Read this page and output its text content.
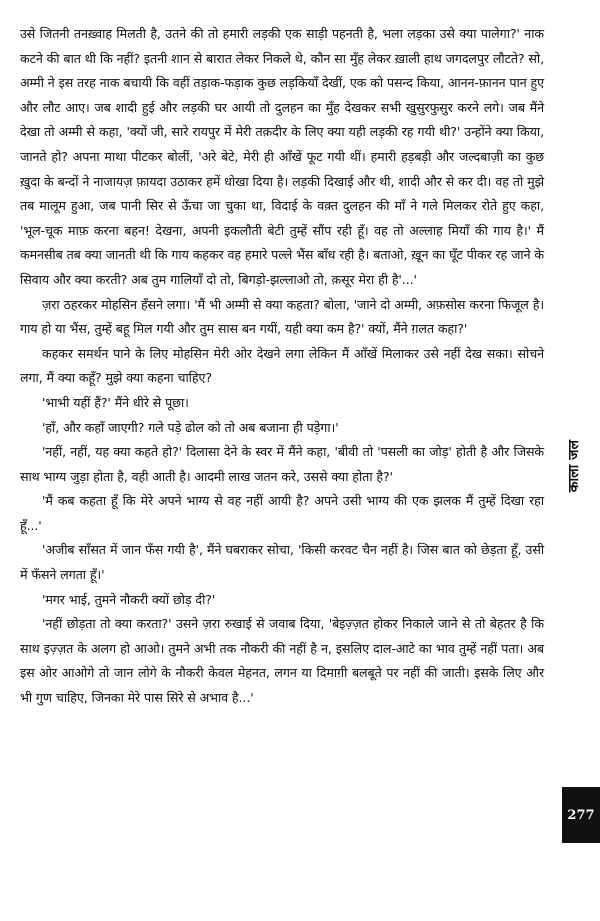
उसे जितनी तनख़्वाह मिलती है, उतने की तो हमारी लड़की एक साड़ी पहनती है, भला लड़का उसे क्या पालेगा?' नाक कटने की बात थी कि नहीं? इतनी शान से बारात लेकर निकले थे, कौन सा मुँह लेकर ख़ाली हाथ जगदलपुर लौटते? सो, अम्मी ने इस तरह नाक बचायी कि वहीं तड़ाक-फड़ाक कुछ लड़कियाँ देखीं, एक को पसन्द किया, आनन-फ़ानन पान हुए और लौट आए। जब शादी हुई और लड़की घर आयी तो दुलहन का मुँह देखकर सभी खुसुरफुसुर करने लगे। जब मैंने देखा तो अम्मी से कहा, 'क्यों जी, सारे रायपुर में मेरी तक़दीर के लिए क्या यही लड़की रह गयी थी?' उन्होंने क्या किया, जानते हो? अपना माथा पीटकर बोलीं, 'अरे बेटे, मेरी ही आँखें फूट गयी थीं। हमारी हड़बड़ी और जल्दबाज़ी का कुछ ख़ुदा के बन्दों ने नाजायज़ फ़ायदा उठाकर हमें धोखा दिया है। लड़की दिखाई और थी, शादी और से कर दी। वह तो मुझे तब मालूम हुआ, जब पानी सिर से ऊँचा जा चुका था, विदाई के वक़्त दुलहन की माँ ने गले मिलकर रोते हुए कहा, 'भूल-चूक माफ़ करना बहन! देखना, अपनी इकलौती बेटी तुम्हें सौंप रही हूँ। वह तो अल्लाह मियाँ की गाय है।' मैं कमनसीब तब क्या जानती थी कि गाय कहकर वह हमारे पल्ले भैंस बाँध रही है। बताओ, ख़ून का घूँट पीकर रह जाने के सिवाय और क्या करती? अब तुम गालियाँ दो तो, बिगड़ो-झल्लाओ तो, क़सूर मेरा ही है'...'

ज़रा ठहरकर मोहसिन हँसने लगा। 'मैं भी अम्मी से क्या कहता? बोला, 'जाने दो अम्मी, अफ़सोस करना फिजूल है। गाय हो या भैंस, तुम्हें बहू मिल गयी और तुम सास बन गयीं, यही क्या कम है?' क्यों, मैंने ग़लत कहा?'

कहकर समर्थन पाने के लिए मोहसिन मेरी ओर देखने लगा लेकिन मैं आँखें मिलाकर उसे नहीं देख सका। सोचने लगा, मैं क्या कहूँ? मुझे क्या कहना चाहिए?

'भाभी यहीं हैं?' मैंने धीरे से पूछा।

'हाँ, और कहाँ जाएगी? गले पड़े ढोल को तो अब बजाना ही पड़ेगा।'

'नहीं, नहीं, यह क्या कहते हो?' दिलासा देने के स्वर में मैंने कहा, 'बीवी तो 'पसली का जोड़' होती है और जिसके साथ भाग्य जुड़ा होता है, वही आती है। आदमी लाख जतन करे, उससे क्या होता है?'

'मैं कब कहता हूँ कि मेरे अपने भाग्य से वह नहीं आयी है? अपने उसी भाग्य की एक झलक मैं तुम्हें दिखा रहा हूँ...'

'अजीब साँसत में जान फँस गयी है', मैंने घबराकर सोचा, 'किसी करवट चैन नहीं है। जिस बात को छेड़ता हूँ, उसी में फँसने लगता हूँ।'

'मगर भाई, तुमने नौकरी क्यों छोड़ दी?'

'नहीं छोड़ता तो क्या करता?' उसने ज़रा रुखाई से जवाब दिया, 'बेइज़्ज़त होकर निकाले जाने से तो बेहतर है कि साथ इज़्ज़त के अलग हो आओ। तुमने अभी तक नौकरी की नहीं है न, इसलिए दाल-आटे का भाव तुम्हें नहीं पता। अब इस ओर आओगे तो जान लोगे के नौकरी केवल मेहनत, लगन या दिमाग़ी बलबूते पर नहीं की जाती। इसके लिए और भी गुण चाहिए, जिनका मेरे पास सिरे से अभाव है...'

काला जल
277
